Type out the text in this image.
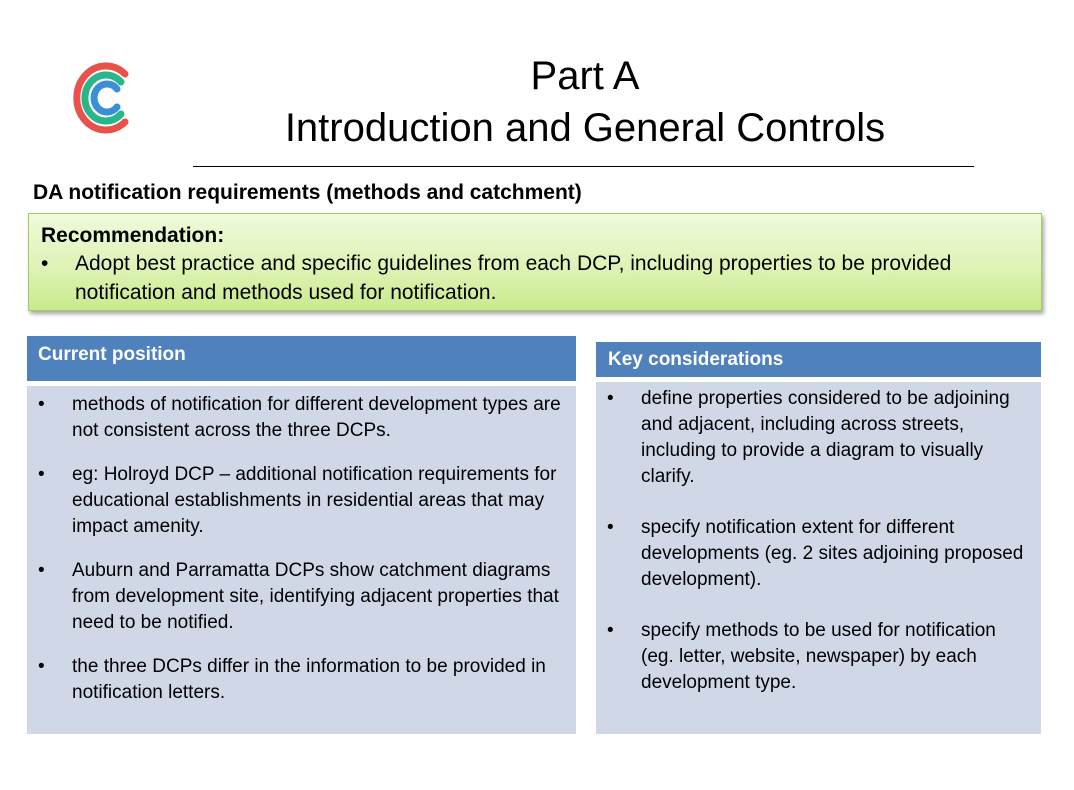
Part A
Introduction and General Controls
DA notification requirements (methods and catchment)
Recommendation:
• Adopt best practice and specific guidelines from each DCP, including properties to be provided notification and methods used for notification.
Current position
• methods of notification for different development types are not consistent across the three DCPs.
• eg: Holroyd DCP – additional notification requirements for educational establishments in residential areas that may impact amenity.
• Auburn and Parramatta DCPs show catchment diagrams from development site, identifying adjacent properties that need to be notified.
• the three DCPs differ in the information to be provided in notification letters.
Key considerations
• define properties considered to be adjoining and adjacent, including across streets, including to provide a diagram to visually clarify.
• specify notification extent for different developments (eg. 2 sites adjoining proposed development).
• specify methods to be used for notification (eg. letter, website, newspaper) by each development type.
